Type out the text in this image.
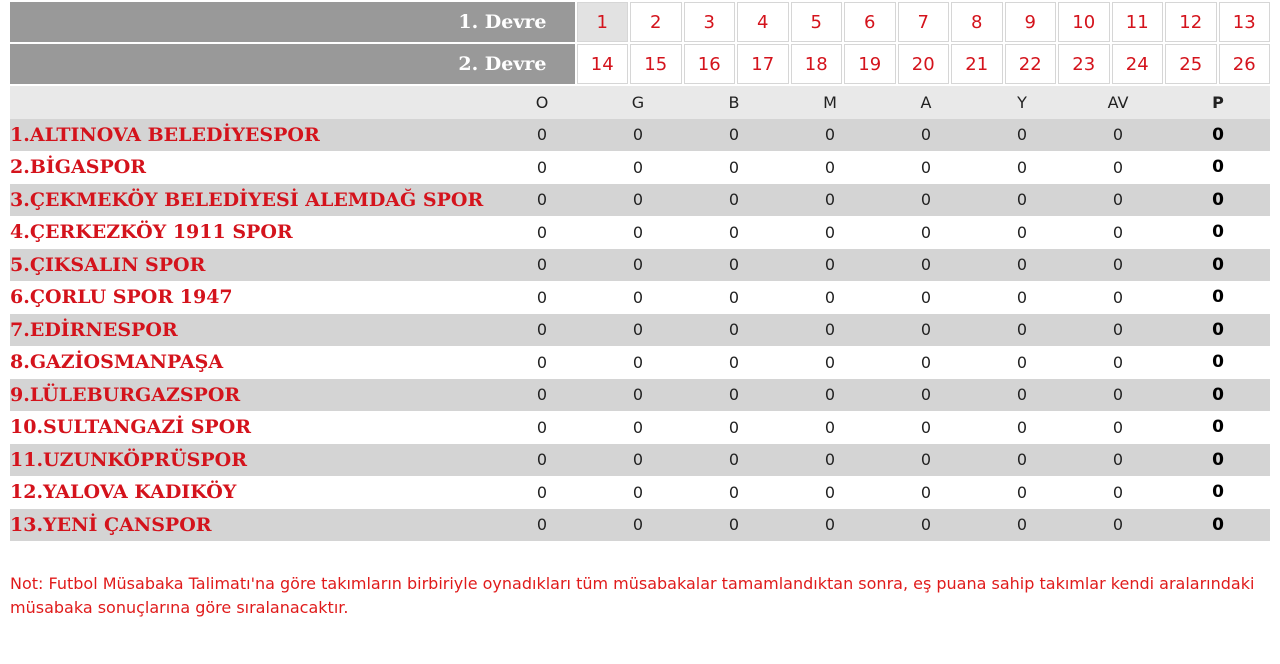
1. Devre	1	2	3	4	5	6	7	8	9	10	11	12	13
2. Devre	14	15	16	17	18	19	20	21	22	23	24	25	26
	O	G	B	M	A	Y	AV	P
1.ALTINOVA BELEDİYESPOR	0	0	0	0	0	0	0	0
2.BİGASPOR	0	0	0	0	0	0	0	0
3.ÇEKMEKÖY BELEDİYESİ ALEMDAĞ SPOR	0	0	0	0	0	0	0	0
4.ÇERKEZKÖY 1911 SPOR	0	0	0	0	0	0	0	0
5.ÇIKSALIN SPOR	0	0	0	0	0	0	0	0
6.ÇORLU SPOR 1947	0	0	0	0	0	0	0	0
7.EDİRNESPOR	0	0	0	0	0	0	0	0
8.GAZİOSMANPAŞA	0	0	0	0	0	0	0	0
9.LÜLEBURGAZSPOR	0	0	0	0	0	0	0	0
10.SULTANGAZİ SPOR	0	0	0	0	0	0	0	0
11.UZUNKÖPRÜSPOR	0	0	0	0	0	0	0	0
12.YALOVA KADIKÖY	0	0	0	0	0	0	0	0
13.YENİ ÇANSPOR	0	0	0	0	0	0	0	0
Not: Futbol Müsabaka Talimatı'na göre takımların birbiriyle oynadıkları tüm müsabakalar tamamlandıktan sonra, eş puana sahip takımlar kendi aralarındaki müsabaka sonuçlarına göre sıralanacaktır.
